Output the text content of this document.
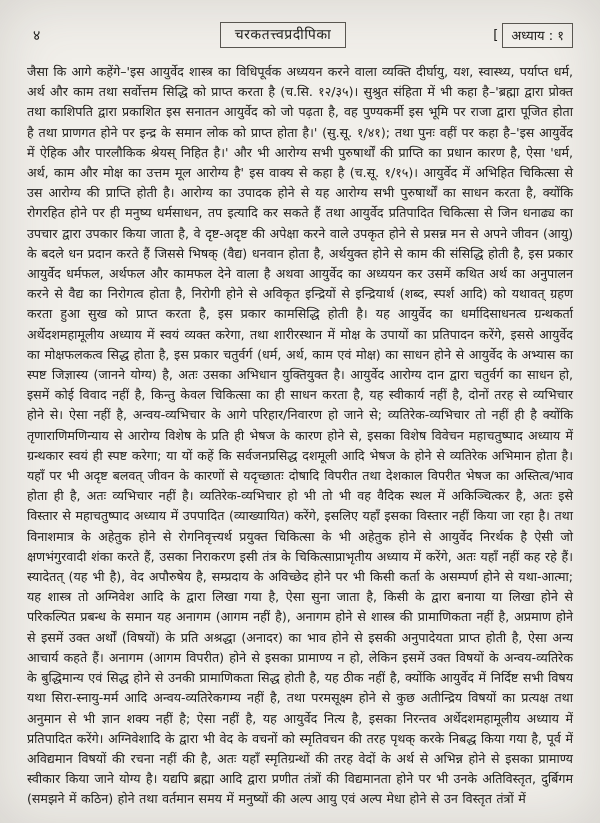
४	चरकतत्त्वप्रदीपिका	[	अध्याय : १
जैसा कि आगे कहेंगे–'इस आयुर्वेद शास्त्र का विधिपूर्वक अध्ययन करने वाला व्यक्ति दीर्घायु, यश, स्वास्थ्य, पर्याप्त धर्म, अर्थ और काम तथा सर्वोत्तम सिद्धि को प्राप्त करता है (च.सि. १२/३५)। सुश्रुत संहिता में भी कहा है–'ब्रह्मा द्वारा प्रोक्त तथा काशिपति द्वारा प्रकाशित इस सनातन आयुर्वेद को जो पढ़ता है, वह पुण्यकर्मी इस भूमि पर राजा द्वारा पूजित होता है तथा प्राणगत होने पर इन्द्र के समान लोक को प्राप्त होता है।' (सु.सू. १/४१); तथा पुनः वहीं पर कहा है–'इस आयुर्वेद में ऐहिक और पारलौकिक श्रेयस् निहित है।' और भी आरोग्य सभी पुरुषार्थों की प्राप्ति का प्रधान कारण है, ऐसा 'धर्म, अर्थ, काम और मोक्ष का उत्तम मूल आरोग्य है' इस वाक्य से कहा है (च.सू. १/१५)। आयुर्वेद में अभिहित चिकित्सा से उस आरोग्य की प्राप्ति होती है। आरोग्य का उपादक होने से यह आरोग्य सभी पुरुषार्थों का साधन करता है, क्योंकि रोगरहित होने पर ही मनुष्य धर्मसाधन, तप इत्यादि कर सकते हैं तथा आयुर्वेद प्रतिपादित चिकित्सा से जिन धनाढ्य का उपचार द्वारा उपकार किया जाता है, वे दृष्ट-अदृष्ट की अपेक्षा करने वाले उपकृत होने से प्रसन्न मन से अपने जीवन (आयु) के बदले धन प्रदान करते हैं जिससे भिषक् (वैद्य) धनवान होता है, अर्थयुक्त होने से काम की संसिद्धि होती है, इस प्रकार आयुर्वेद धर्मफल, अर्थफल और कामफल देने वाला है अथवा आयुर्वेद का अध्ययन कर उसमें कथित अर्थ का अनुपालन करने से वैद्य का निरोगत्व होता है, निरोगी होने से अविकृत इन्द्रियों से इन्द्रियार्थ (शब्द, स्पर्श आदि) को यथावत् ग्रहण करता हुआ सुख को प्राप्त करता है, इस प्रकार कामसिद्धि होती है। यह आयुर्वेद का धर्मादिसाधनत्व ग्रन्थकर्ता अर्थेदशमहामूलीय अध्याय में स्वयं व्यक्त करेगा, तथा शारीरस्थान में मोक्ष के उपायों का प्रतिपादन करेंगे, इससे आयुर्वेद का मोक्षफलकत्व सिद्ध होता है, इस प्रकार चतुर्वर्ग (धर्म, अर्थ, काम एवं मोक्ष) का साधन होने से आयुर्वेद के अभ्यास का स्पष्ट जिज्ञास्य (जानने योग्य) है, अतः उसका अभिधान युक्तियुक्त है। आयुर्वेद आरोग्य दान द्वारा चतुर्वर्ग का साधन हो, इसमें कोई विवाद नहीं है, किन्तु केवल चिकित्सा का ही साधन करता है, यह स्वीकार्य नहीं है, दोनों तरह से व्यभिचार होने से। ऐसा नहीं है, अन्वय-व्यभिचार के आगे परिहार/निवारण हो जाने से; व्यतिरेक-व्यभिचार तो नहीं ही है क्योंकि तृणाराणिमणिन्याय से आरोग्य विशेष के प्रति ही भेषज के कारण होने से, इसका विशेष विवेचन महाचतुष्पाद अध्याय में ग्रन्थकार स्वयं ही स्पष्ट करेगा; या यों कहें कि सर्वजनप्रसिद्ध दशमूली आदि भेषज के होने से व्यतिरेक अभिमान होता है। यहाँ पर भी अदृष्ट बलवत् जीवन के कारणों से यदृच्छातः दोषादि विपरीत तथा देशकाल विपरीत भेषज का अस्तित्व/भाव होता ही है, अतः व्यभिचार नहीं है। व्यतिरेक-व्यभिचार हो भी तो भी वह वैदिक स्थल में अकिञ्चित्कर है, अतः इसे विस्तार से महाचतुष्पाद अध्याय में उपपादित (व्याख्यायित) करेंगे, इसलिए यहाँ इसका विस्तार नहीं किया जा रहा है। तथा विनाशमात्र के अहेतुक होने से रोगनिवृत्त्यर्थ प्रयुक्त चिकित्सा के भी अहेतुक होने से आयुर्वेद निरर्थक है ऐसी जो क्षणभंगुरवादी शंका करते हैं, उसका निराकरण इसी तंत्र के चिकित्साप्राभृतीय अध्याय में करेंगे, अतः यहाँ नहीं कह रहे हैं। स्यादेतत् (यह भी है), वेद अपौरुषेय है, सम्प्रदाय के अविच्छेद होने पर भी किसी कर्ता के असम्पर्ण होने से यथा-आत्मा; यह शास्त्र तो अग्निवेश आदि के द्वारा लिखा गया है, ऐसा सुना जाता है, किसी के द्वारा बनाया या लिखा होने से परिकल्पित प्रबन्ध के समान यह अनागम (आगम नहीं है), अनागम होने से शास्त्र की प्रामाणिकता नहीं है, अप्रमाण होने से इसमें उक्त अर्थों (विषयों) के प्रति अश्रद्धा (अनादर) का भाव होने से इसकी अनुपादेयता प्राप्त होती है, ऐसा अन्य आचार्य कहते हैं। अनागम (आगम विपरीत) होने से इसका प्रामाण्य न हो, लेकिन इसमें उक्त विषयों के अन्वय-व्यतिरेक के बुद्धिमान्य एवं सिद्ध होने से उनकी प्रामाणिकता सिद्ध होती है, यह ठीक नहीं है, क्योंकि आयुर्वेद में निर्दिष्ट सभी विषय यथा सिरा-स्नायु-मर्म आदि अन्वय-व्यतिरेकगम्य नहीं है, तथा परमसूक्ष्म होने से कुछ अतीन्द्रिय विषयों का प्रत्यक्ष तथा अनुमान से भी ज्ञान शक्य नहीं है; ऐसा नहीं है, यह आयुर्वेद नित्य है, इसका निरन्तव अर्थेदशमहामूलीय अध्याय में प्रतिपादित करेंगे। अग्निवेशादि के द्वारा भी वेद के वचनों को स्मृतिवचन की तरह पृथक् करके निबद्ध किया गया है, पूर्व में अविद्यमान विषयों की रचना नहीं की है, अतः यहाँ स्मृतिग्रन्थों की तरह वेदों के अर्थ से अभिन्न होने से इसका प्रामाण्य स्वीकार किया जाने योग्य है। यद्यपि ब्रह्मा आदि द्वारा प्रणीत तंत्रों की विद्यमानता होने पर भी उनके अतिविस्तृत, दुर्बिगम (समझने में कठिन) होने तथा वर्तमान समय में मनुष्यों की अल्प आयु एवं अल्प मेधा होने से उन विस्तृत तंत्रों में
